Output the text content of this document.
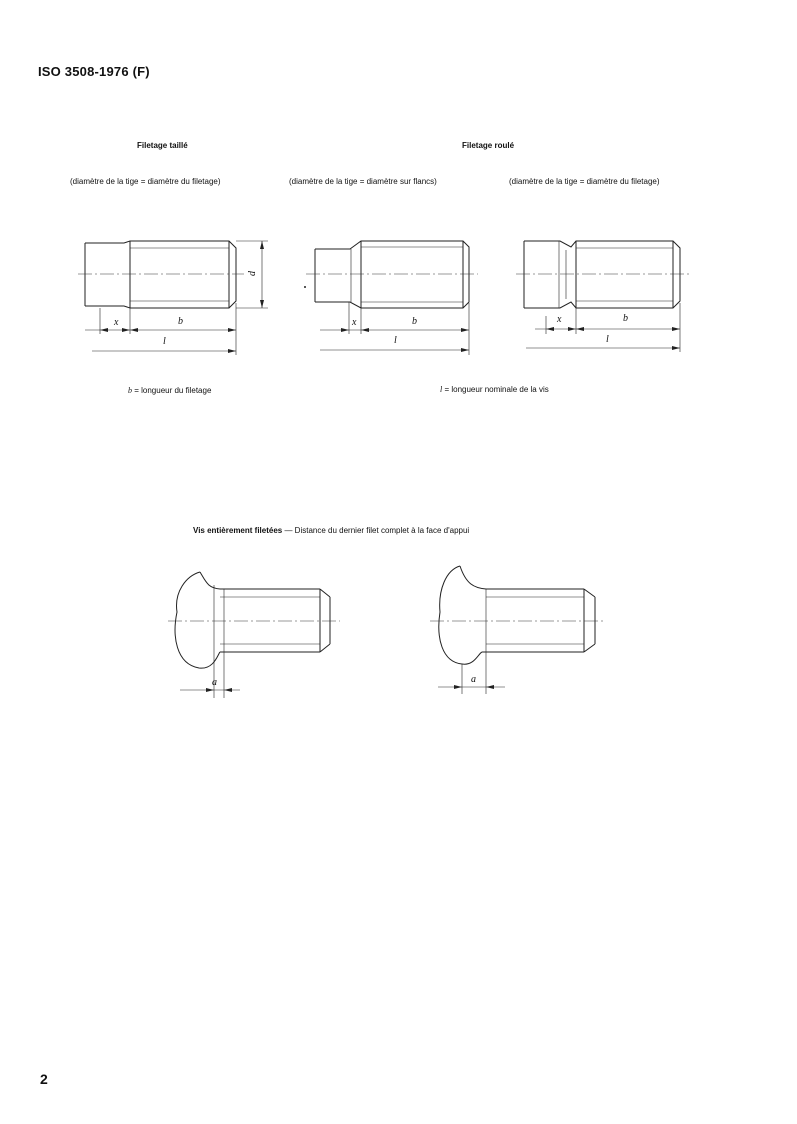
ISO 3508-1976 (F)
Filetage taillé	Filetage roulé
(diamètre de la tige = diamètre du filetage)	(diamètre de la tige = diamètre sur flancs)	(diamètre de la tige = diamètre du filetage)
x	b
l
d
x	b
l
x	b
l
b = longueur du filetage	l = longueur nominale de la vis
Vis entièrement filetées — Distance du dernier filet complet à la face d'appui
a	a
2
